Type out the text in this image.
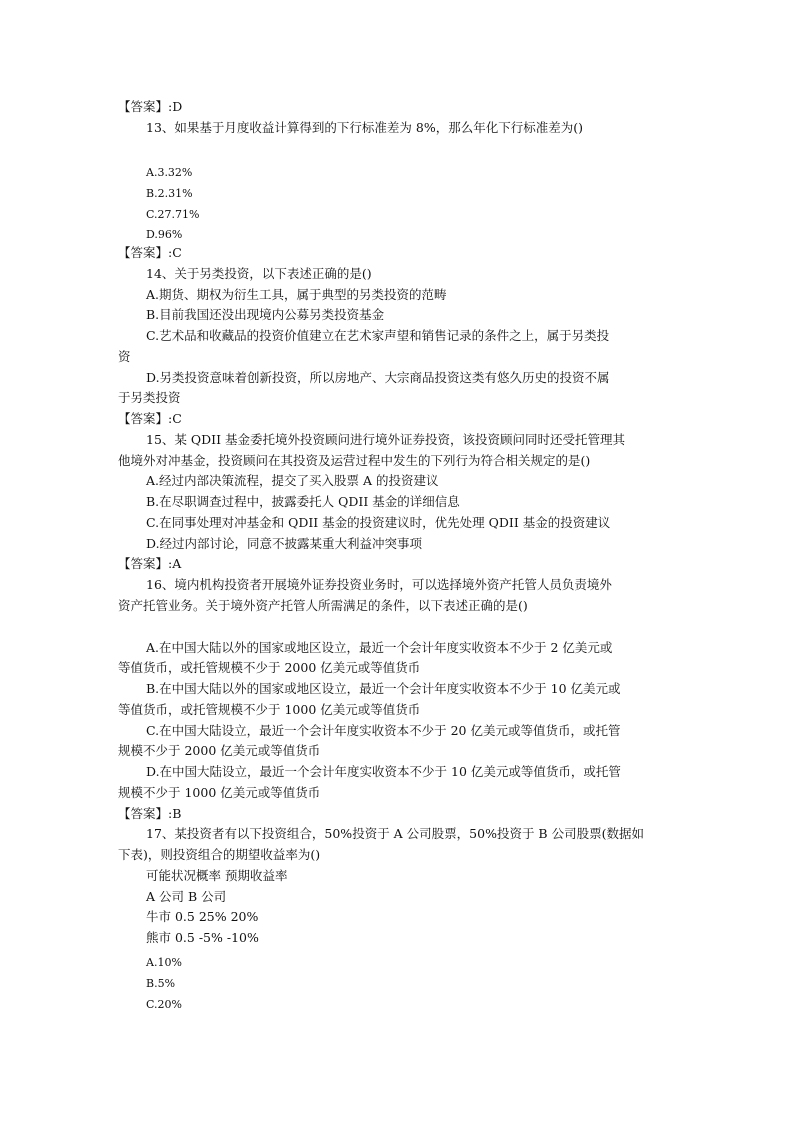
【答案】:D
13、如果基于月度收益计算得到的下行标准差为 8%，那么年化下行标准差为()
A.3.32%
B.2.31%
C.27.71%
D.96%
【答案】:C
14、关于另类投资，以下表述正确的是()
A.期货、期权为衍生工具，属于典型的另类投资的范畴
B.目前我国还没出现境内公募另类投资基金
C.艺术品和收藏品的投资价值建立在艺术家声望和销售记录的条件之上，属于另类投
资
D.另类投资意味着创新投资，所以房地产、大宗商品投资这类有悠久历史的投资不属
于另类投资
【答案】:C
15、某 QDII 基金委托境外投资顾问进行境外证券投资，该投资顾问同时还受托管理其
他境外对冲基金，投资顾问在其投资及运营过程中发生的下列行为符合相关规定的是()
A.经过内部决策流程，提交了买入股票 A 的投资建议
B.在尽职调查过程中，披露委托人 QDII 基金的详细信息
C.在同事处理对冲基金和 QDII 基金的投资建议时，优先处理 QDII 基金的投资建议
D.经过内部讨论，同意不披露某重大利益冲突事项
【答案】:A
16、境内机构投资者开展境外证券投资业务时，可以选择境外资产托管人员负责境外
资产托管业务。关于境外资产托管人所需满足的条件，以下表述正确的是()
A.在中国大陆以外的国家或地区设立，最近一个会计年度实收资本不少于 2 亿美元或
等值货币，或托管规模不少于 2000 亿美元或等值货币
B.在中国大陆以外的国家或地区设立，最近一个会计年度实收资本不少于 10 亿美元或
等值货币，或托管规模不少于 1000 亿美元或等值货币
C.在中国大陆设立，最近一个会计年度实收资本不少于 20 亿美元或等值货币，或托管
规模不少于 2000 亿美元或等值货币
D.在中国大陆设立，最近一个会计年度实收资本不少于 10 亿美元或等值货币，或托管
规模不少于 1000 亿美元或等值货币
【答案】:B
17、某投资者有以下投资组合，50%投资于 A 公司股票，50%投资于 B 公司股票(数据如
下表)，则投资组合的期望收益率为()
可能状况概率 预期收益率
A 公司 B 公司
牛市 0.5 25% 20%
熊市 0.5 -5% -10%
A.10%
B.5%
C.20%
